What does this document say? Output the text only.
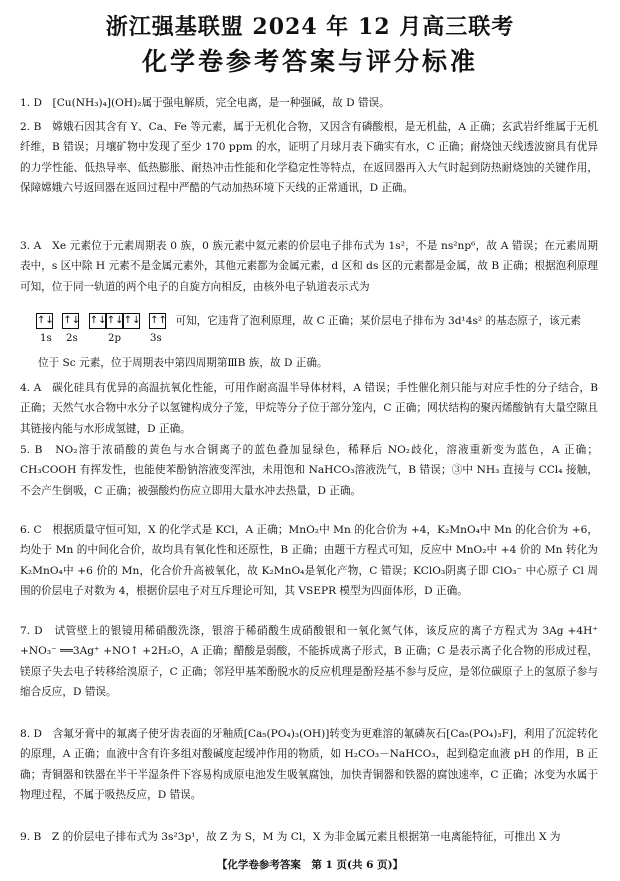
浙江强基联盟 2024 年 12 月高三联考
化学卷参考答案与评分标准
1. D　[Cu(NH₃)₄](OH)₂属于强电解质，完全电离，是一种强碱，故 D 错误。
2. B　嫦娥石因其含有 Y、Ca、Fe 等元素，属于无机化合物，又因含有磷酸根，是无机盐，A 正确；玄武岩纤维属于无机纤维，B 错误；月壤矿物中发现了至少 170 ppm 的水，证明了月球月表下确实有水，C 正确；耐烧蚀天线透波窗具有优异的力学性能、低热导率、低热膨胀、耐热冲击性能和化学稳定性等特点，在返回器再入大气时起到防热耐烧蚀的关键作用，保障嫦娥六号返回器在返回过程中严酷的气动加热环境下天线的正常通讯，D 正确。
3. A　Xe 元素位于元素周期表 0 族，0 族元素中氦元素的价层电子排布式为 1s²，不是 ns²np⁶，故 A 错误；在元素周期表中，s 区中除 H 元素不是金属元素外，其他元素都为金属元素，d 区和 ds 区的元素都是金属，故 B 正确；根据泡利原理可知，位于同一轨道的两个电子的自旋方向相反，由核外电子轨道表示式为
↑↓ ↑↓ ↑↓↑↓↑↓ ↑↑ 可知，它违背了泡利原理，故 C 正确；某价层电子排布为 3d¹4s² 的基态原子，该元素
1s 2s	2p	3s
位于 Sc 元素，位于周期表中第四周期第ⅢB 族，故 D 正确。
4. A　碳化硅具有优异的高温抗氧化性能，可用作耐高温半导体材料，A 错误；手性催化剂只能与对应手性的分子结合，B 正确；天然气水合物中水分子以氢键构成分子笼，甲烷等分子位于部分笼内，C 正确；网状结构的聚丙烯酸钠有大量空隙且其链接内能与水形成氢键，D 正确。
5. B　NO₂溶于浓硝酸的黄色与水合铜离子的蓝色叠加显绿色，稀释后 NO₂歧化，溶液重新变为蓝色，A 正确；CH₃COOH 有挥发性，也能使苯酚钠溶液变浑浊，未用饱和 NaHCO₃溶液洗气，B 错误；③中 NH₃ 直接与 CCl₄ 接触，不会产生倒吸，C 正确；被强酸灼伤应立即用大量水冲去热量，D 正确。
6. C　根据质量守恒可知，X 的化学式是 KCl，A 正确；MnO₂中 Mn 的化合价为 +4，K₂MnO₄中 Mn 的化合价为 +6，均处于 Mn 的中间化合价，故均具有氧化性和还原性，B 正确；由题干方程式可知，反应中 MnO₂中 +4 价的 Mn 转化为 K₂MnO₄中 +6 价的 Mn，化合价升高被氧化，故 K₂MnO₄是氧化产物，C 错误；KClO₃阴离子即 ClO₃⁻ 中心原子 Cl 周围的价层电子对数为 4，根据价层电子对互斥理论可知，其 VSEPR 模型为四面体形，D 正确。
7. D　试管壁上的银镜用稀硝酸洗涤，银溶于稀硝酸生成硝酸银和一氧化氮气体，该反应的离子方程式为 3Ag +4H⁺ +NO₃⁻ ══3Ag⁺ +NO↑ +2H₂O，A 正确；醋酸是弱酸，不能拆成离子形式，B 正确；C 是表示离子化合物的形成过程，镁原子失去电子转移给溴原子，C 正确；邻羟甲基苯酚脱水的反应机理是酚羟基不参与反应，是邻位碳原子上的氢原子参与缩合反应，D 错误。
8. D　含氟牙膏中的氟离子使牙齿表面的牙釉质[Ca₅(PO₄)₃(OH)]转变为更难溶的氟磷灰石[Ca₅(PO₄)₃F]，利用了沉淀转化的原理，A 正确；血液中含有许多组对酸碱度起缓冲作用的物质，如 H₂CO₃－NaHCO₃，起到稳定血液 pH 的作用，B 正确；青铜器和铁器在半干半湿条件下容易构成原电池发生吸氧腐蚀，加快青铜器和铁器的腐蚀速率，C 正确；冰变为水属于物理过程，不属于吸热反应，D 错误。
9. B　Z 的价层电子排布式为 3s²3p¹，故 Z 为 S，M 为 Cl，X 为非金属元素且根据第一电离能特征，可推出 X 为
【化学卷参考答案　第 1 页(共 6 页)】
